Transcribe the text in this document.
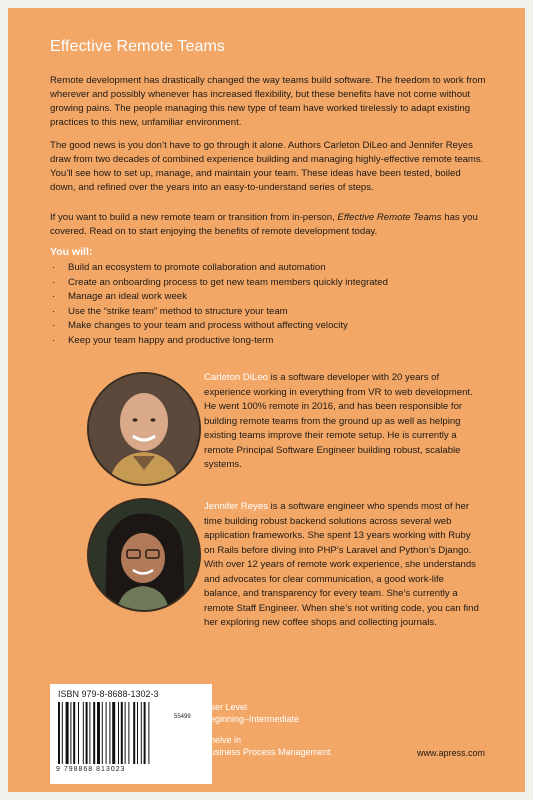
Effective Remote Teams

Remote development has drastically changed the way teams build software. The freedom to work from wherever and possibly whenever has increased flexibility, but these benefits have not come without growing pains. The people managing this new type of team have worked tirelessly to adapt existing practices to this new, unfamiliar environment.

The good news is you don’t have to go through it alone. Authors Carleton DiLeo and Jennifer Reyes draw from two decades of combined experience building and managing highly-effective remote teams. You’ll see how to set up, manage, and maintain your team. These ideas have been tested, boiled down, and refined over the years into an easy-to-understand series of steps.

If you want to build a new remote team or transition from in-person, Effective Remote Teams has you covered. Read on to start enjoying the benefits of remote development today.

You will:
· Build an ecosystem to promote collaboration and automation
· Create an onboarding process to get new team members quickly integrated
· Manage an ideal work week
· Use the “strike team” method to structure your team
· Make changes to your team and process without affecting velocity
· Keep your team happy and productive long-term

Carleton DiLeo is a software developer with 20 years of experience working in everything from VR to web development. He went 100% remote in 2016, and has been responsible for building remote teams from the ground up as well as helping existing teams improve their remote setup. He is currently a remote Principal Software Engineer building robust, scalable systems.

Jennifer Reyes is a software engineer who spends most of her time building robust backend solutions across several web application frameworks. She spent 13 years working with Ruby on Rails before diving into PHP’s Laravel and Python’s Django. With over 12 years of remote work experience, she understands and advocates for clear communication, a good work-life balance, and transparency for every team. She’s currently a remote Staff Engineer. When she’s not writing code, you can find her exploring new coffee shops and collecting journals.

ISBN 979-8-8688-1302-3
55499
9 798868 813023
User Level
Beginning–Intermediate
Shelve in
Business Process Management	www.apress.com
